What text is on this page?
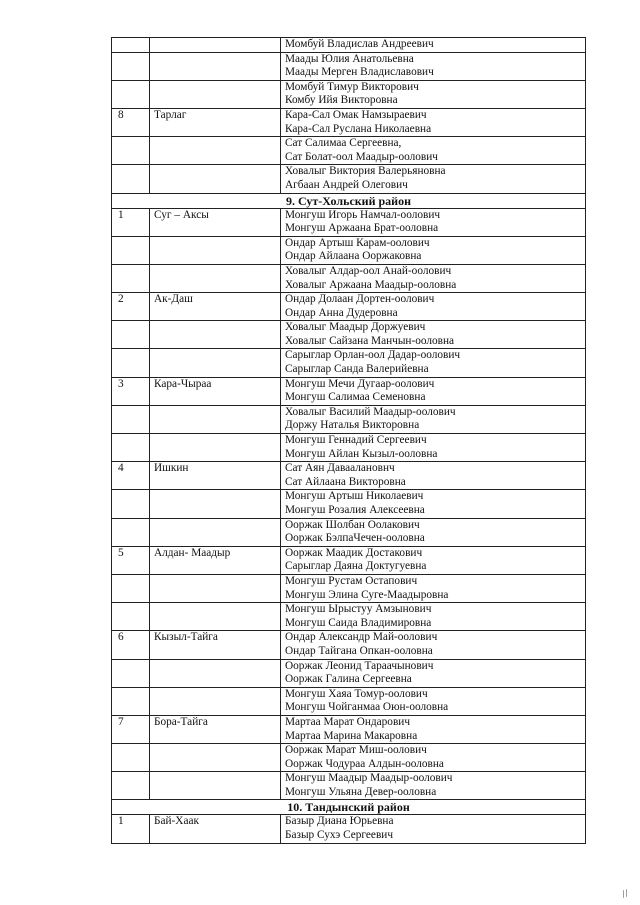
		Момбуй Владислав Андреевич

		Маады Юлия Анатольевна
Маады Мерген Владиславович

		Момбуй Тимур Викторович
Комбу Ийя Викторовна

8	Тарлаг	Кара-Сал Омак Намзыраевич
Кара-Сал Руслана Николаевна

		Сат Салимаа Сергеевна,
Сат Болат-оол Маадыр-оолович

		Ховалыг Виктория Валерьяновна
Агбаан Андрей Олегович

9. Сут-Хольский район		
1	Суг – Аксы	Монгуш Игорь Намчал-оолович
Монгуш Аржаана Брат-ооловна

		Ондар Артыш Карам-оолович
Ондар Айлаана Ооржаковна

		Ховалыг Алдар-оол Анай-оолович
Ховалыг Аржаана Маадыр-ооловна

2	Ак-Даш	Ондар Долаан Дортен-оолович
Ондар Анна Дудеровна

		Ховалыг Маадыр Доржуевич
Ховалыг Сайзана Манчын-ооловна

		Сарыглар Орлан-оол Дадар-оолович
Сарыглар Санда Валерийевна

3	Кара-Чыраа	Монгуш Мечи Дугаар-оолович
Монгуш Салимаа Семеновна

		Ховалыг Василий Маадыр-оолович
Доржу Наталья Викторовна

		Монгуш Геннадий Сергеевич
Монгуш Айлан Кызыл-ооловна

4	Ишкин	Сат Аян Даваалановнч
Сат Айлаана Викторовна

		Монгуш Артыш Николаевич
Монгуш Розалия Алексеевна

		Ооржак Шолбан Оолакович
Ооржак БэлпаЧечен-ооловна

5	Алдан- Маадыр	Ооржак Маадик Достакович
Сарыглар Даяна Доктугуевна

		Монгуш Рустам Остапович
Монгуш Элина Суге-Маадыровна

		Монгуш Ырыстуу Амзынович
Монгуш Саида Владимировна

6	Кызыл-Тайга	Ондар Александр Май-оолович
Ондар Тайгана Опкан-ооловна

		Ооржак Леонид Тараачынович
Ооржак Галина Сергеевна

		Монгуш Хаяа Томур-оолович
Монгуш Чойганмаа Оюн-ооловна

7	Бора-Тайга	Мартаа Марат Ондарович
Мартаа Марина Макаровна

		Ооржак Марат Миш-оолович
Ооржак Чодураа Алдын-ооловна

		Монгуш Маадыр Маадыр-оолович
Монгуш Ульяна Девер-ооловна

10. Тандынский район		
1	Бай-Хаак	Базыр Диана Юрьевна
Базыр Сухэ Сергеевич
//
